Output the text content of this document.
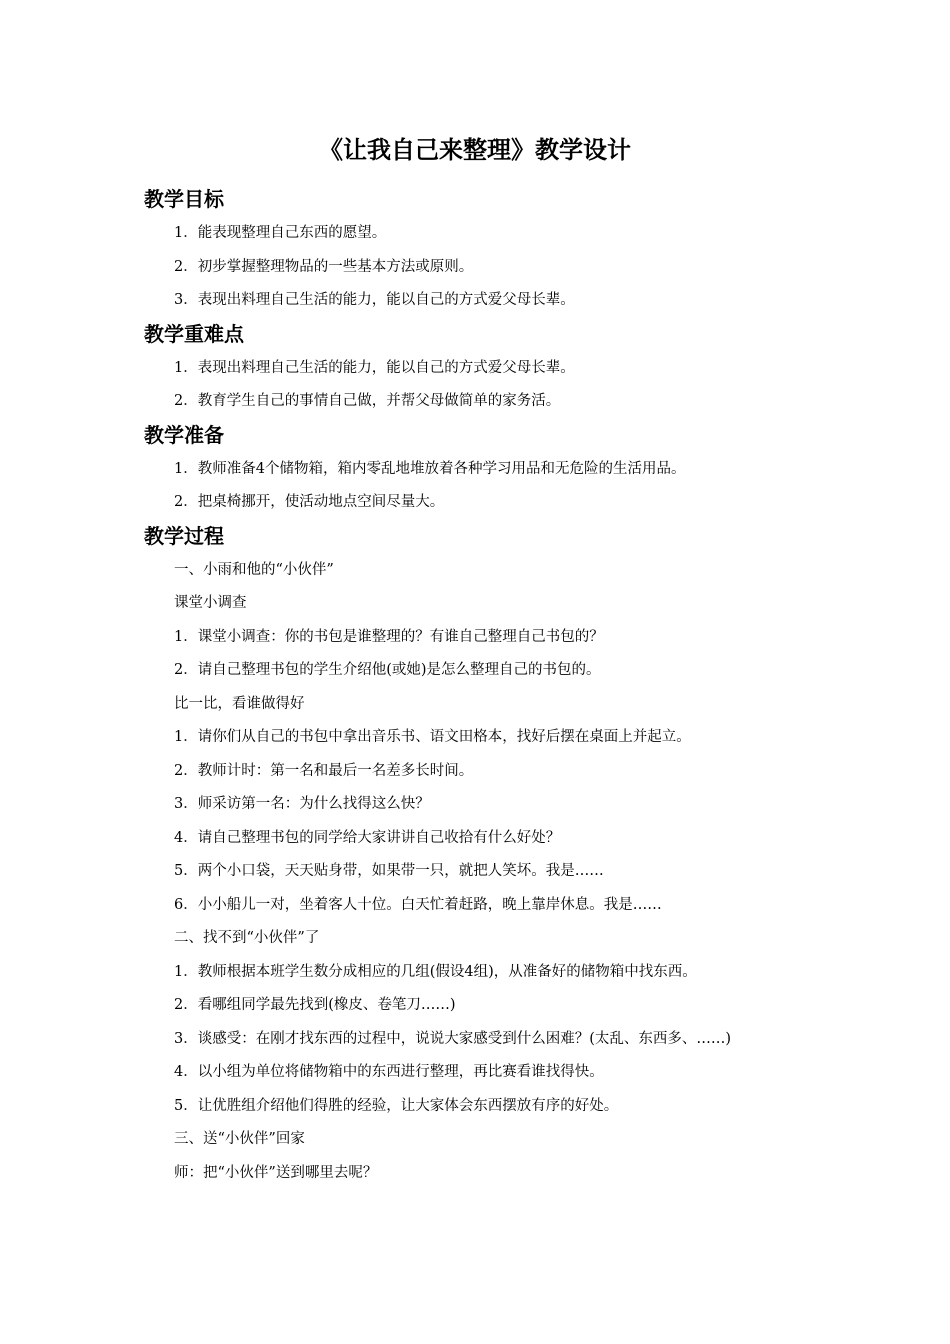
《让我自己来整理》教学设计
教学目标

1．能表现整理自己东西的愿望。

2．初步掌握整理物品的一些基本方法或原则。

3．表现出料理自己生活的能力，能以自己的方式爱父母长辈。

教学重难点

1．表现出料理自己生活的能力，能以自己的方式爱父母长辈。

2．教育学生自己的事情自己做，并帮父母做简单的家务活。

教学准备

1．教师准备4个储物箱，箱内零乱地堆放着各种学习用品和无危险的生活用品。

2．把桌椅挪开，使活动地点空间尽量大。

教学过程

一、小雨和他的“小伙伴”

课堂小调查

1．课堂小调查：你的书包是谁整理的？有谁自己整理自己书包的？

2．请自己整理书包的学生介绍他(或她)是怎么整理自己的书包的。

比一比，看谁做得好

1．请你们从自己的书包中拿出音乐书、语文田格本，找好后摆在桌面上并起立。

2．教师计时：第一名和最后一名差多长时间。

3．师采访第一名：为什么找得这么快？

4．请自己整理书包的同学给大家讲讲自己收拾有什么好处？

5．两个小口袋，天天贴身带，如果带一只，就把人笑坏。我是……

6．小小船儿一对，坐着客人十位。白天忙着赶路，晚上靠岸休息。我是……

二、找不到“小伙伴”了

1．教师根据本班学生数分成相应的几组(假设4组)，从准备好的储物箱中找东西。

2．看哪组同学最先找到(橡皮、卷笔刀……)

3．谈感受：在刚才找东西的过程中，说说大家感受到什么困难？(太乱、东西多、……)

4．以小组为单位将储物箱中的东西进行整理，再比赛看谁找得快。

5．让优胜组介绍他们得胜的经验，让大家体会东西摆放有序的好处。

三、送“小伙伴”回家

师：把“小伙伴”送到哪里去呢？
